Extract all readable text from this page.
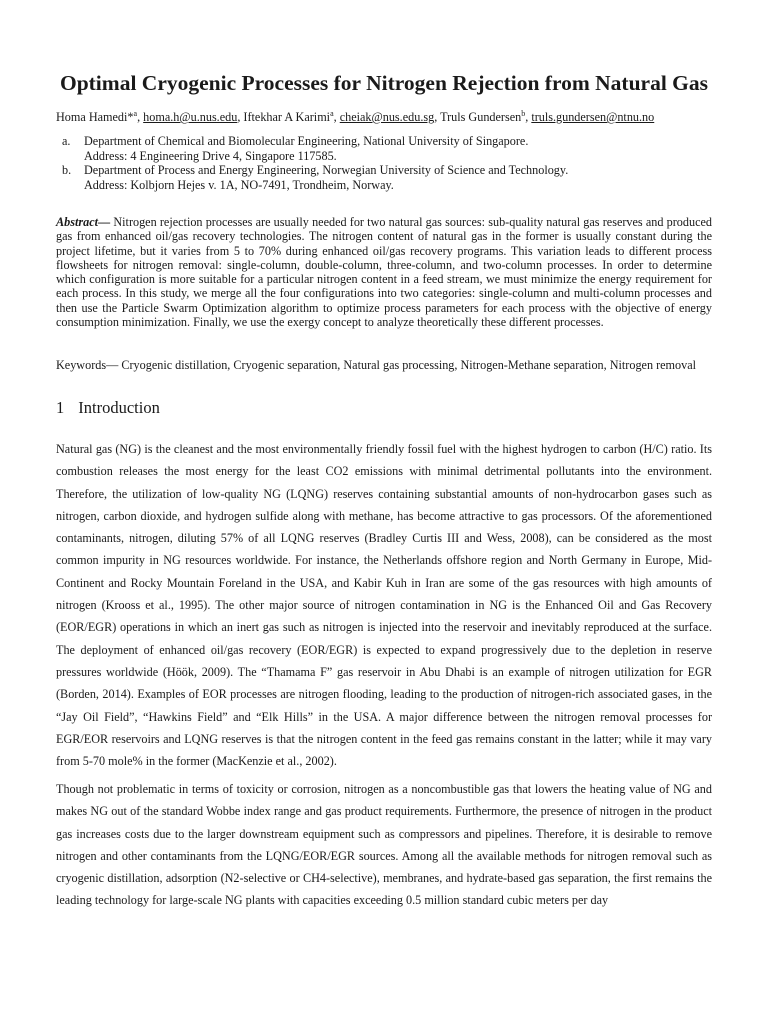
Optimal Cryogenic Processes for Nitrogen Rejection from Natural Gas
Homa Hamedi*$^a$, homa.h@u.nus.edu, Iftekhar A Karimi$^a$, cheiak@nus.edu.sg, Truls Gundersen$^b$, truls.gundersen@ntnu.no
a.	Department of Chemical and Biomolecular Engineering, National University of Singapore.
Address: 4 Engineering Drive 4, Singapore 117585.
b.	Department of Process and Energy Engineering, Norwegian University of Science and Technology.
Address: Kolbjorn Hejes v. 1A, NO-7491, Trondheim, Norway.
Abstract— Nitrogen rejection processes are usually needed for two natural gas sources: sub-quality natural gas reserves and produced gas from enhanced oil/gas recovery technologies. The nitrogen content of natural gas in the former is usually constant during the project lifetime, but it varies from 5 to 70% during enhanced oil/gas recovery programs. This variation leads to different process flowsheets for nitrogen removal: single-column, double-column, three-column, and two-column processes. In order to determine which configuration is more suitable for a particular nitrogen content in a feed stream, we must minimize the energy requirement for each process. In this study, we merge all the four configurations into two categories: single-column and multi-column processes and then use the Particle Swarm Optimization algorithm to optimize process parameters for each process with the objective of energy consumption minimization. Finally, we use the exergy concept to analyze theoretically these different processes.
Keywords— Cryogenic distillation, Cryogenic separation, Natural gas processing, Nitrogen-Methane separation, Nitrogen removal
1 Introduction
Natural gas (NG) is the cleanest and the most environmentally friendly fossil fuel with the highest hydrogen to carbon (H/C) ratio. Its combustion releases the most energy for the least CO2 emissions with minimal detrimental pollutants into the environment. Therefore, the utilization of low-quality NG (LQNG) reserves containing substantial amounts of non-hydrocarbon gases such as nitrogen, carbon dioxide, and hydrogen sulfide along with methane, has become attractive to gas processors. Of the aforementioned contaminants, nitrogen, diluting 57% of all LQNG reserves (Bradley Curtis III and Wess, 2008), can be considered as the most common impurity in NG resources worldwide. For instance, the Netherlands offshore region and North Germany in Europe, Mid-Continent and Rocky Mountain Foreland in the USA, and Kabir Kuh in Iran are some of the gas resources with high amounts of nitrogen (Krooss et al., 1995). The other major source of nitrogen contamination in NG is the Enhanced Oil and Gas Recovery (EOR/EGR) operations in which an inert gas such as nitrogen is injected into the reservoir and inevitably reproduced at the surface. The deployment of enhanced oil/gas recovery (EOR/EGR) is expected to expand progressively due to the depletion in reserve pressures worldwide (Höök, 2009). The “Thamama F” gas reservoir in Abu Dhabi is an example of nitrogen utilization for EGR (Borden, 2014). Examples of EOR processes are nitrogen flooding, leading to the production of nitrogen-rich associated gases, in the “Jay Oil Field”, “Hawkins Field” and “Elk Hills” in the USA. A major difference between the nitrogen removal processes for EGR/EOR reservoirs and LQNG reserves is that the nitrogen content in the feed gas remains constant in the latter; while it may vary from 5-70 mole% in the former (MacKenzie et al., 2002).
Though not problematic in terms of toxicity or corrosion, nitrogen as a noncombustible gas that lowers the heating value of NG and makes NG out of the standard Wobbe index range and gas product requirements. Furthermore, the presence of nitrogen in the product gas increases costs due to the larger downstream equipment such as compressors and pipelines. Therefore, it is desirable to remove nitrogen and other contaminants from the LQNG/EOR/EGR sources. Among all the available methods for nitrogen removal such as cryogenic distillation, adsorption (N2-selective or CH4-selective), membranes, and hydrate-based gas separation, the first remains the leading technology for large-scale NG plants with capacities exceeding 0.5 million standard cubic meters per day
